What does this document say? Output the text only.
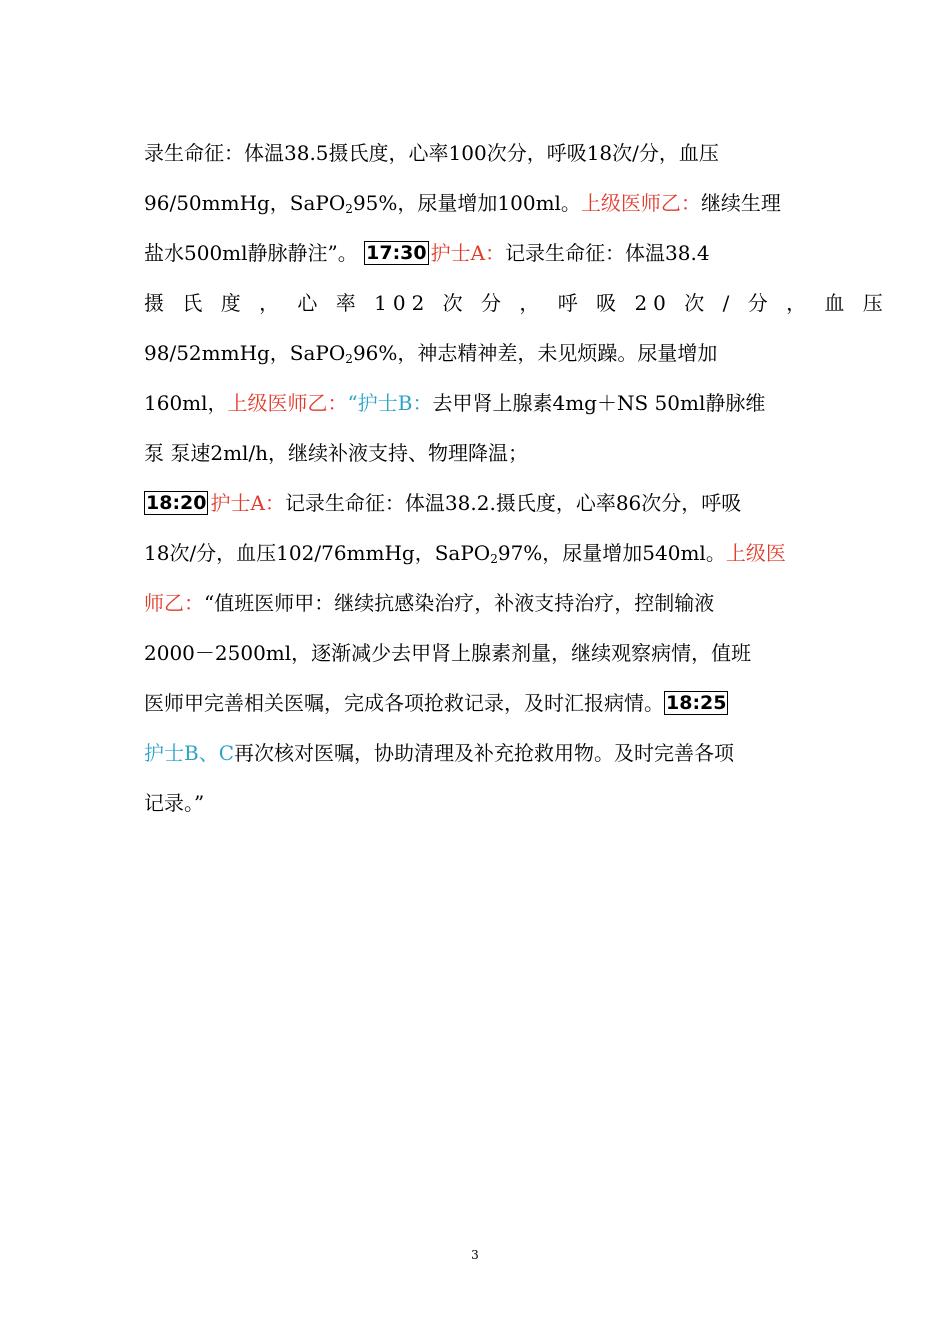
录生命征：体温38.5摄氏度，心率100次分，呼吸18次/分，血压
96/50mmHg，SaPO$_2$95%，尿量增加100ml。上级医师乙：继续生理
盐水500ml静脉静注”。 17:30 护士A：记录生命征：体温38.4
摄 氏 度 ， 心 率 102 次 分 ， 呼 吸 20 次 / 分 ， 血 压
98/52mmHg，SaPO$_2$96%，神志精神差，未见烦躁。尿量增加
160ml，上级医师乙：“护士B：去甲肾上腺素4mg＋NS 50ml静脉维
泵 泵速2ml/h，继续补液支持、物理降温；
18:20 护士A：记录生命征：体温38.2.摄氏度，心率86次分，呼吸
18次/分，血压102/76mmHg，SaPO$_2$97%，尿量增加540ml。上级医
师乙：“值班医师甲：继续抗感染治疗，补液支持治疗，控制输液
2000－2500ml，逐渐减少去甲肾上腺素剂量，继续观察病情，值班
医师甲完善相关医嘱，完成各项抢救记录，及时汇报病情。 18:25
护士B、C再次核对医嘱，协助清理及补充抢救用物。及时完善各项
记录。”
3
